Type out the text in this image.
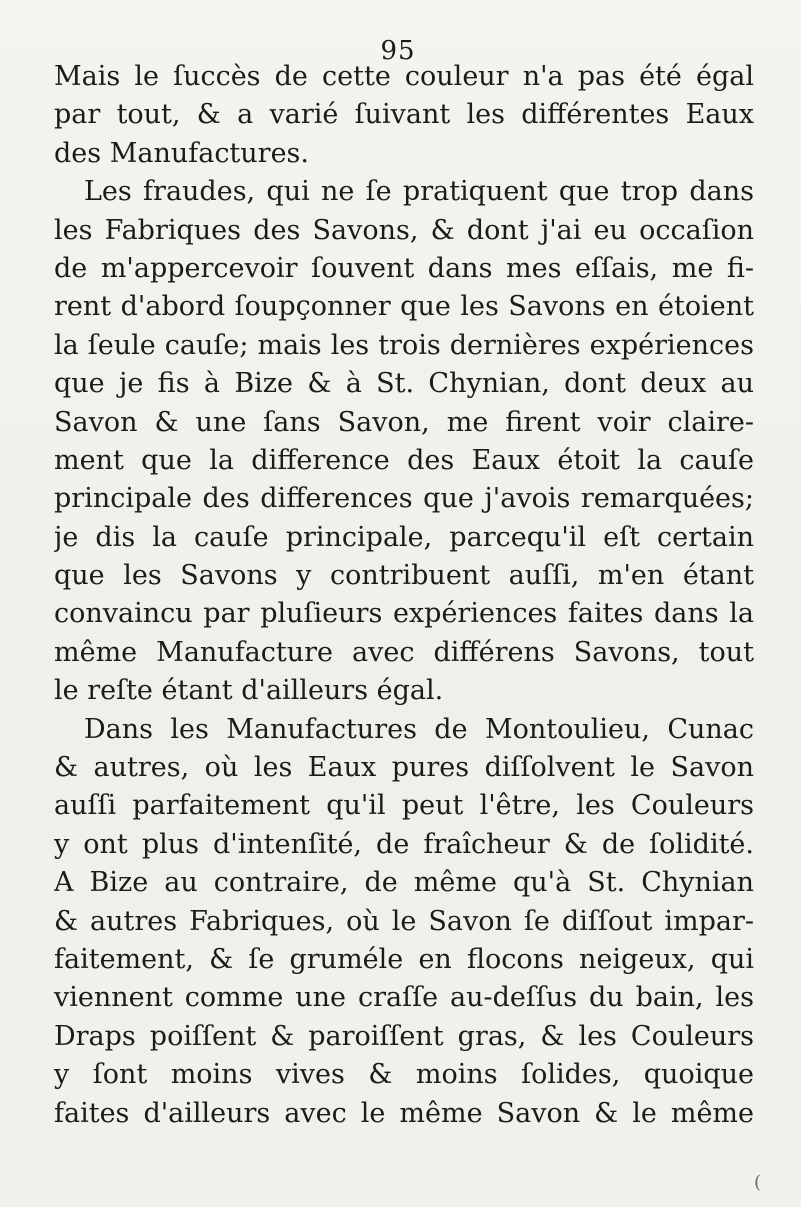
95
Mais le ſuccès de cette couleur n'a pas été égal
par tout, & a varié ſuivant les différentes Eaux
des Manufactures.
Les fraudes, qui ne ſe pratiquent que trop dans
les Fabriques des Savons, & dont j'ai eu occaſion
de m'appercevoir ſouvent dans mes eſſais, me fi-
rent d'abord ſoupçonner que les Savons en étoient
la ſeule cauſe; mais les trois dernières expériences
que je fis à Bize & à St. Chynian, dont deux au
Savon & une ſans Savon, me firent voir claire-
ment que la difference des Eaux étoit la cauſe
principale des differences que j'avois remarquées;
je dis la cauſe principale, parcequ'il eſt certain
que les Savons y contribuent auſſi, m'en étant
convaincu par pluſieurs expériences faites dans la
même Manufacture avec différens Savons, tout
le reſte étant d'ailleurs égal.
Dans les Manufactures de Montoulieu, Cunac
& autres, où les Eaux pures diſſolvent le Savon
auſſi parfaitement qu'il peut l'être, les Couleurs
y ont plus d'intenſité, de fraîcheur & de ſolidité.
A Bize au contraire, de même qu'à St. Chynian
& autres Fabriques, où le Savon ſe diſſout impar-
faitement, & ſe gruméle en flocons neigeux, qui
viennent comme une craſſe au-deſſus du bain, les
Draps poiſſent & paroiſſent gras, & les Couleurs
y ſont moins vives & moins ſolides, quoique
faites d'ailleurs avec le même Savon & le même
(
